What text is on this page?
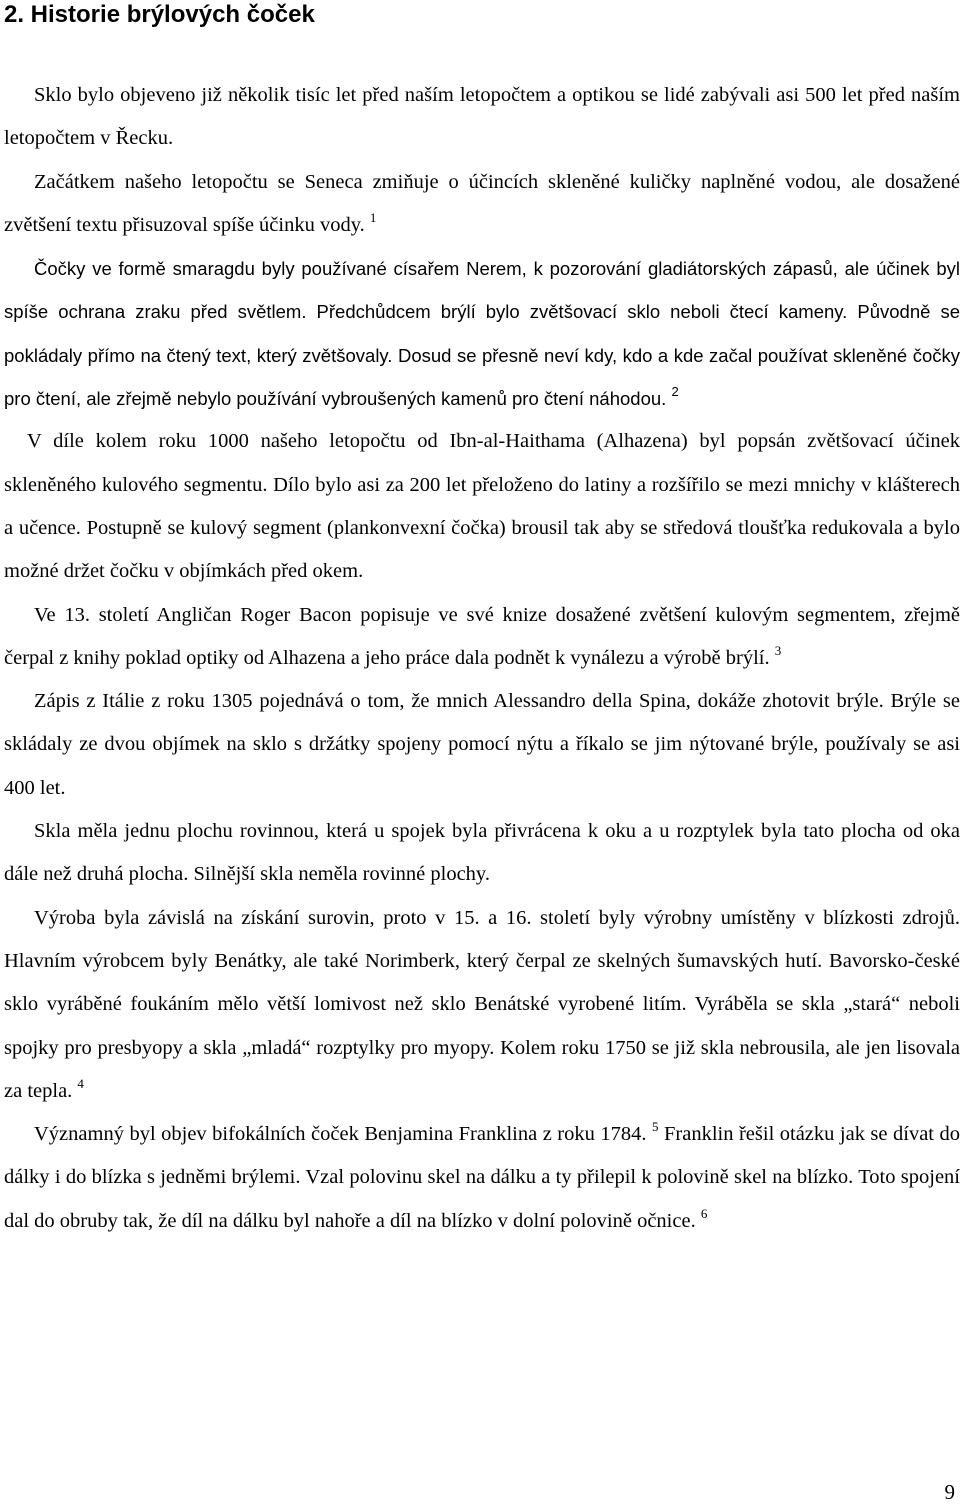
2. Historie brýlových čoček

Sklo bylo objeveno již několik tisíc let před naším letopočtem a optikou se lidé zabývali asi 500 let před naším letopočtem v Řecku.

Začátkem našeho letopočtu se Seneca zmiňuje o účincích skleněné kuličky naplněné vodou, ale dosažené zvětšení textu přisuzoval spíše účinku vody. $^1$

Čočky ve formě smaragdu byly používané císařem Nerem, k pozorování gladiátorských zápasů, ale účinek byl spíše ochrana zraku před světlem. Předchůdcem brýlí bylo zvětšovací sklo neboli čtecí kameny. Původně se pokládaly přímo na čtený text, který zvětšovaly. Dosud se přesně neví kdy, kdo a kde začal používat skleněné čočky pro čtení, ale zřejmě nebylo používání vybroušených kamenů pro čtení náhodou. $^2$

V díle kolem roku 1000 našeho letopočtu od Ibn-al-Haithama (Alhazena) byl popsán zvětšovací účinek skleněného kulového segmentu. Dílo bylo asi za 200 let přeloženo do latiny a rozšířilo se mezi mnichy v klášterech a učence. Postupně se kulový segment (plankonvexní čočka) brousil tak aby se středová tloušťka redukovala a bylo možné držet čočku v objímkách před okem.

Ve 13. století Angličan Roger Bacon popisuje ve své knize dosažené zvětšení kulovým segmentem, zřejmě čerpal z knihy poklad optiky od Alhazena a jeho práce dala podnět k vynálezu a výrobě brýlí. $^3$

Zápis z Itálie z roku 1305 pojednává o tom, že mnich Alessandro della Spina, dokáže zhotovit brýle. Brýle se skládaly ze dvou objímek na sklo s držátky spojeny pomocí nýtu a říkalo se jim nýtované brýle, používaly se asi 400 let.

Skla měla jednu plochu rovinnou, která u spojek byla přivrácena k oku a u rozptylek byla tato plocha od oka dále než druhá plocha. Silnější skla neměla rovinné plochy.

Výroba byla závislá na získání surovin, proto v 15. a 16. století byly výrobny umístěny v blízkosti zdrojů. Hlavním výrobcem byly Benátky, ale také Norimberk, který čerpal ze skelných šumavských hutí. Bavorsko-české sklo vyráběné foukáním mělo větší lomivost než sklo Benátské vyrobené litím. Vyráběla se skla „stará“ neboli spojky pro presbyopy a skla „mladá“ rozptylky pro myopy. Kolem roku 1750 se již skla nebrousila, ale jen lisovala za tepla. $^4$

Významný byl objev bifokálních čoček Benjamina Franklina z roku 1784. $^5$ Franklin řešil otázku jak se dívat do dálky i do blízka s jedněmi brýlemi. Vzal polovinu skel na dálku a ty přilepil k polovině skel na blízko. Toto spojení dal do obruby tak, že díl na dálku byl nahoře a díl na blízko v dolní polovině očnice. $^6$

9
